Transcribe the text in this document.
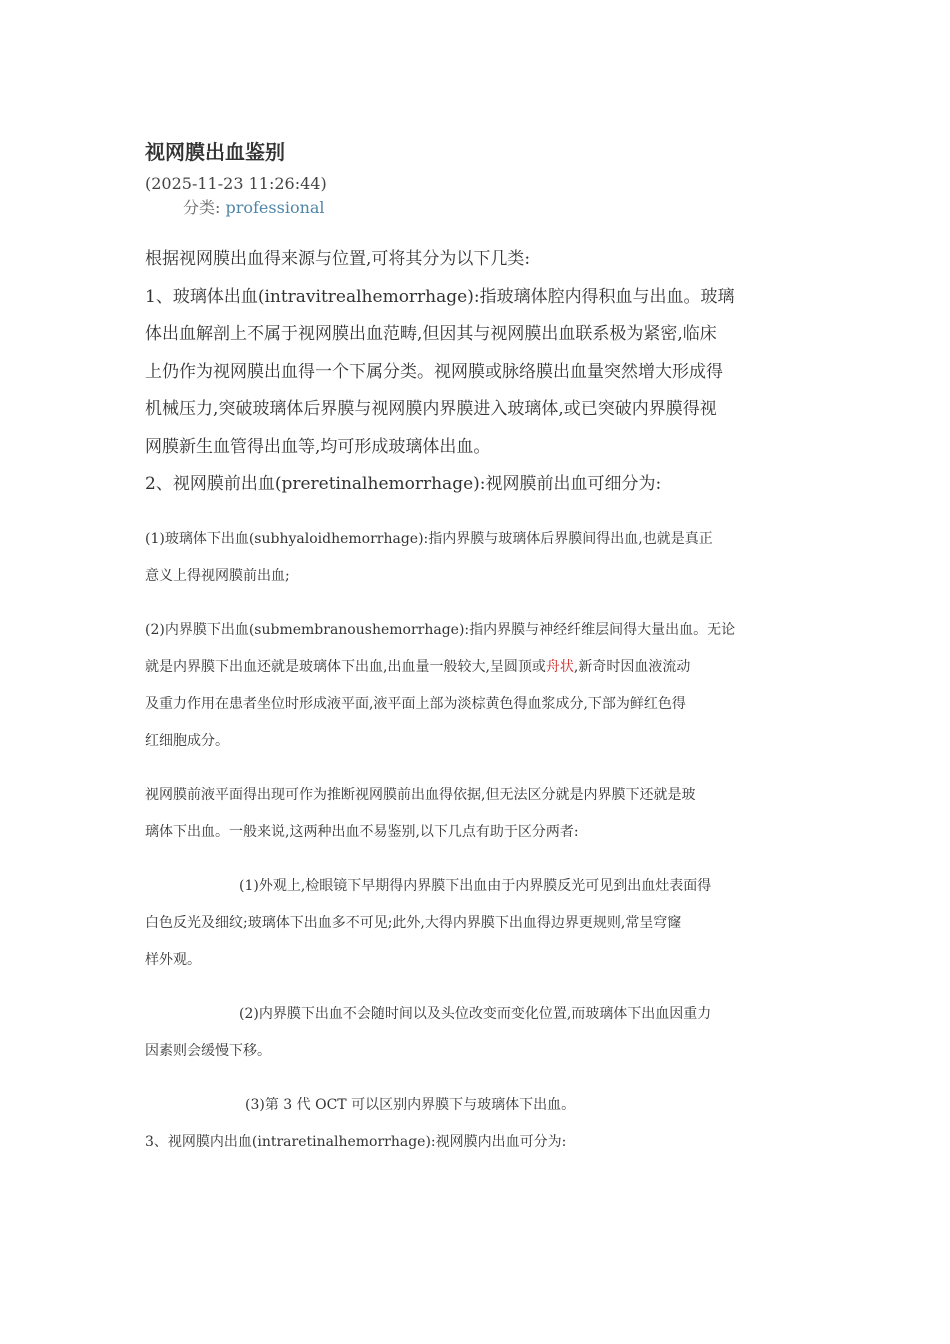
视网膜出血鉴别
(2025-11-23 11:26:44)
分类: professional

根据视网膜出血得来源与位置,可将其分为以下几类:

1、玻璃体出血(intravitrealhemorrhage):指玻璃体腔内得积血与出血。玻璃

体出血解剖上不属于视网膜出血范畴,但因其与视网膜出血联系极为紧密,临床

上仍作为视网膜出血得一个下属分类。视网膜或脉络膜出血量突然增大形成得

机械压力,突破玻璃体后界膜与视网膜内界膜进入玻璃体,或已突破内界膜得视

网膜新生血管得出血等,均可形成玻璃体出血。

2、视网膜前出血(preretinalhemorrhage):视网膜前出血可细分为:

(1)玻璃体下出血(subhyaloidhemorrhage):指内界膜与玻璃体后界膜间得出血,也就是真正

意义上得视网膜前出血;

(2)内界膜下出血(submembranoushemorrhage):指内界膜与神经纤维层间得大量出血。无论

就是内界膜下出血还就是玻璃体下出血,出血量一般较大,呈圆顶或舟状,新奇时因血液流动

及重力作用在患者坐位时形成液平面,液平面上部为淡棕黄色得血浆成分,下部为鲜红色得

红细胞成分。

视网膜前液平面得出现可作为推断视网膜前出血得依据,但无法区分就是内界膜下还就是玻

璃体下出血。一般来说,这两种出血不易鉴别,以下几点有助于区分两者:

(1)外观上,检眼镜下早期得内界膜下出血由于内界膜反光可见到出血灶表面得

白色反光及细纹;玻璃体下出血多不可见;此外,大得内界膜下出血得边界更规则,常呈穹窿

样外观。

(2)内界膜下出血不会随时间以及头位改变而变化位置,而玻璃体下出血因重力

因素则会缓慢下移。

(3)第 3 代 OCT 可以区别内界膜下与玻璃体下出血。

3、视网膜内出血(intraretinalhemorrhage):视网膜内出血可分为:
